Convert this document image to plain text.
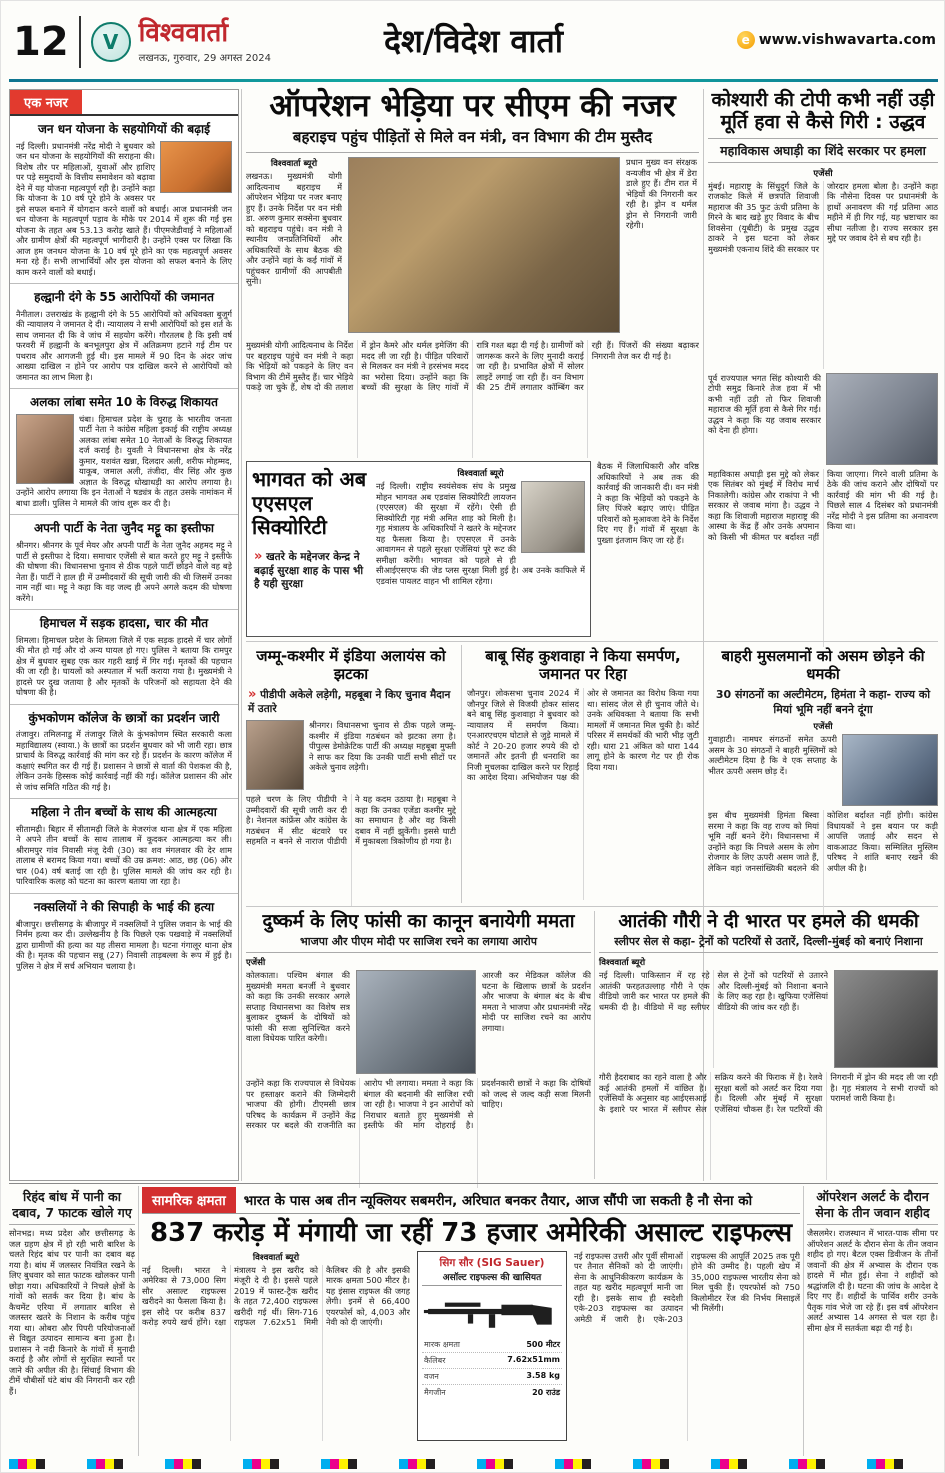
12	V विश्ववार्ता
लखनऊ, गुरुवार, 29 अगस्त 2024	देश/विदेश वार्ता	e www.vishwavarta.com
एक नजर
जन धन योजना के सहयोगियों की बढ़ाई
नई दिल्ली। प्रधानमंत्री नरेंद्र मोदी ने बुधवार को जन धन योजना के सहयोगियों की सराहना की। विशेष तौर पर महिलाओं, युवाओं और हाशिए पर पड़े समुदायों के वित्तीय समावेशन को बढ़ावा देने में यह योजना महत्वपूर्ण रही है। उन्होंने कहा कि योजना के 10 वर्ष पूरे होने के अवसर पर इसे सफल बनाने में योगदान करने वालों को बधाई। आज प्रधानमंत्री जन धन योजना के महत्वपूर्ण पड़ाव के मौके पर 2014 में शुरू की गई इस योजना के तहत अब 53.13 करोड़ खाते हैं। पीएमजेडीवाई ने महिलाओं और ग्रामीण क्षेत्रों की महत्वपूर्ण भागीदारी है। उन्होंने एक्स पर लिखा कि आज हम जनधन योजना के 10 वर्ष पूरे होने का एक महत्वपूर्ण अवसर मना रहे हैं। सभी लाभार्थियों और इस योजना को सफल बनाने के लिए काम करने वालों को बधाई।
हल्द्वानी दंगे के 55 आरोपियों की जमानत
नैनीताल। उत्तराखंड के हल्द्वानी दंगे के 55 आरोपियों को अधिवक्ता बुजुर्ग की न्यायालय ने जमानत दे दी। न्यायालय ने सभी आरोपियों को इस शर्त के साथ जमानत दी कि वे जांच में सहयोग करेंगे। गौरतलब है कि इसी वर्ष फरवरी में हल्द्वानी के बनभूलपुरा क्षेत्र में अतिक्रमण हटाने गई टीम पर पथराव और आगजनी हुई थी। इस मामले में 90 दिन के अंदर जांच आख्या दाखिल न होने पर आरोप पत्र दाखिल करने से आरोपियों को जमानत का लाभ मिला है।
अलका लांबा समेत 10 के विरुद्ध शिकायत
चंबा। हिमाचल प्रदेश के चुराह के भारतीय जनता पार्टी नेता ने कांग्रेस महिला इकाई की राष्ट्रीय अध्यक्ष अलका लांबा समेत 10 नेताओं के विरुद्ध शिकायत दर्ज कराई है। युवती ने विधानसभा क्षेत्र के नरेंद्र कुमार, यशवंत खन्ना, दिलदार अली, शरीफ मोहम्मद, याकूब, जमाल अली, तंजीदा, वीर सिंह और कुछ अज्ञात के विरुद्ध धोखाधड़ी का आरोप लगाया है। उन्होंने आरोप लगाया कि इन नेताओं ने षड्यंत्र के तहत उसके नामांकन में बाधा डाली। पुलिस ने मामले की जांच शुरू कर दी है।
अपनी पार्टी के नेता जुनैद मट्टू का इस्तीफा
श्रीनगर। श्रीनगर के पूर्व मेयर और अपनी पार्टी के नेता जुनैद अहमद मट्टू ने पार्टी से इस्तीफा दे दिया। समाचार एजेंसी से बात करते हुए मट्टू ने इस्तीफे की घोषणा की। विधानसभा चुनाव से ठीक पहले पार्टी छोड़ने वाले वह बड़े नेता हैं। पार्टी ने हाल ही में उम्मीदवारों की सूची जारी की थी जिसमें उनका नाम नहीं था। मट्टू ने कहा कि वह जल्द ही अपने अगले कदम की घोषणा करेंगे।
हिमाचल में सड़क हादसा, चार की मौत
शिमला। हिमाचल प्रदेश के शिमला जिले में एक सड़क हादसे में चार लोगों की मौत हो गई और दो अन्य घायल हो गए। पुलिस ने बताया कि रामपुर क्षेत्र में बुधवार सुबह एक कार गहरी खाई में गिर गई। मृतकों की पहचान की जा रही है। घायलों को अस्पताल में भर्ती कराया गया है। मुख्यमंत्री ने हादसे पर दुख जताया है और मृतकों के परिजनों को सहायता देने की घोषणा की है।
कुंभकोणम कॉलेज के छात्रों का प्रदर्शन जारी
तंजावुर। तमिलनाडु में तंजावुर जिले के कुंभकोणम स्थित सरकारी कला महाविद्यालय (स्वाया.) के छात्रों का प्रदर्शन बुधवार को भी जारी रहा। छात्र प्राचार्य के विरुद्ध कार्रवाई की मांग कर रहे हैं। प्रदर्शन के कारण कॉलेज में कक्षाएं स्थगित कर दी गई हैं। प्रशासन ने छात्रों से वार्ता की पेशकश की है, लेकिन उनके हिस्सक कोई कार्रवाई नहीं की गई। कॉलेज प्रशासन की ओर से जांच समिति गठित की गई है।
महिला ने तीन बच्चों के साथ की आत्महत्या
सीतामढ़ी। बिहार में सीतामढ़ी जिले के मेजरगंज थाना क्षेत्र में एक महिला ने अपने तीन बच्चों के साथ तालाब में कूदकर आत्महत्या कर ली। श्रीरामपुर गांव निवासी मंजू देवी (30) का शव मंगलवार की देर शाम तालाब से बरामद किया गया। बच्चों की उम्र क्रमश: आठ, छह (06) और चार (04) वर्ष बताई जा रही है। पुलिस मामले की जांच कर रही है। पारिवारिक कलह को घटना का कारण बताया जा रहा है।
नक्सलियों ने की सिपाही के भाई की हत्या
बीजापुर। छत्तीसगढ़ के बीजापुर में नक्सलियों ने पुलिस जवान के भाई की निर्मम हत्या कर दी। उल्लेखनीय है कि पिछले एक पखवाड़े में नक्सलियों द्वारा ग्रामीणों की हत्या का यह तीसरा मामला है। घटना गंगालूर थाना क्षेत्र की है। मृतक की पहचान सन्नू (27) निवासी ताड़बल्ला के रूप में हुई है। पुलिस ने क्षेत्र में सर्च अभियान चलाया है।
ऑपरेशन भेड़िया पर सीएम की नजर
बहराइच पहुंच पीड़ितों से मिले वन मंत्री, वन विभाग की टीम मुस्तैद
विश्ववार्ता ब्यूरो
लखनऊ। मुख्यमंत्री योगी आदित्यनाथ बहराइच में ऑपरेशन भेड़िया पर नजर बनाए हुए हैं। उनके निर्देश पर वन मंत्री डा. अरुण कुमार सक्सेना बुधवार को बहराइच पहुंचे। वन मंत्री ने स्थानीय जनप्रतिनिधियों और अधिकारियों के साथ बैठक की और उन्होंने वहां के कई गांवों में पहुंचकर ग्रामीणों की आपबीती सुनी।
प्रधान मुख्य वन संरक्षक वन्यजीव भी क्षेत्र में डेरा डाले हुए हैं। टीम रात में भेड़ियों की निगरानी कर रही है। ड्रोन व थर्मल ड्रोन से निगरानी जारी रहेगी।
मुख्यमंत्री योगी आदित्यनाथ के निर्देश पर बहराइच पहुंचे वन मंत्री ने कहा कि भेड़ियों को पकड़ने के लिए वन विभाग की टीमें मुस्तैद हैं। चार भेड़िये पकड़े जा चुके हैं, शेष दो की तलाश में ड्रोन कैमरे और थर्मल इमेजिंग की मदद ली जा रही है। पीड़ित परिवारों से मिलकर वन मंत्री ने हरसंभव मदद का भरोसा दिया। उन्होंने कहा कि बच्चों की सुरक्षा के लिए गांवों में रात्रि गश्त बढ़ा दी गई है। ग्रामीणों को जागरूक करने के लिए मुनादी कराई जा रही है। प्रभावित क्षेत्रों में सोलर लाइटें लगाई जा रही हैं। वन विभाग की 25 टीमें लगातार कॉम्बिंग कर रही हैं। पिंजरों की संख्या बढ़ाकर निगरानी तेज कर दी गई है।
भागवत को अब एएसएल सिक्योरिटी
» खतरे के मद्देनजर केन्द्र ने बढ़ाई सुरक्षा शाह के पास भी है यही सुरक्षा
विश्ववार्ता ब्यूरो
नई दिल्ली। राष्ट्रीय स्वयंसेवक संघ के प्रमुख मोहन भागवत अब एडवांस सिक्योरिटी लायजन (एएसएल) की सुरक्षा में रहेंगे। ऐसी ही सिक्योरिटी गृह मंत्री अमित शाह को मिली है। गृह मंत्रालय के अधिकारियों ने खतरे के मद्देनजर यह फैसला किया है। एएसएल में उनके आवागमन से पहले सुरक्षा एजेंसियां पूरे रूट की समीक्षा करेंगी। भागवत को पहले से ही सीआईएसएफ की जेड प्लस सुरक्षा मिली हुई है। अब उनके काफिले में एडवांस पायलट वाहन भी शामिल रहेगा।
बैठक में जिलाधिकारी और वरिष्ठ अधिकारियों ने अब तक की कार्रवाई की जानकारी दी। वन मंत्री ने कहा कि भेड़ियों को पकड़ने के लिए पिंजरे बढ़ाए जाएं। पीड़ित परिवारों को मुआवजा देने के निर्देश दिए गए हैं। गांवों में सुरक्षा के पुख्ता इंतजाम किए जा रहे हैं।
कोश्यारी की टोपी कभी नहीं उड़ी मूर्ति हवा से कैसे गिरी : उद्धव
महाविकास अघाड़ी का शिंदे सरकार पर हमला
एजेंसी
मुंबई। महाराष्ट्र के सिंधुदुर्ग जिले के राजकोट किले में छत्रपति शिवाजी महाराज की 35 फुट ऊंची प्रतिमा के गिरने के बाद खड़े हुए विवाद के बीच शिवसेना (यूबीटी) के प्रमुख उद्धव ठाकरे ने इस घटना को लेकर मुख्यमंत्री एकनाथ शिंदे की सरकार पर जोरदार हमला बोला है। उन्होंने कहा कि नौसेना दिवस पर प्रधानमंत्री के हाथों अनावरण की गई प्रतिमा आठ महीने में ही गिर गई, यह भ्रष्टाचार का सीधा नतीजा है। राज्य सरकार इस मुद्दे पर जवाब देने से बच रही है।
पूर्व राज्यपाल भगत सिंह कोश्यारी की टोपी समुद्र किनारे तेज हवा में भी कभी नहीं उड़ी तो फिर शिवाजी महाराज की मूर्ति हवा से कैसे गिर गई। उद्धव ने कहा कि यह जवाब सरकार को देना ही होगा।
महाविकास अघाड़ी इस मुद्दे को लेकर एक सितंबर को मुंबई में विरोध मार्च निकालेगी। कांग्रेस और राकांपा ने भी सरकार से जवाब मांगा है। उद्धव ने कहा कि शिवाजी महाराज महाराष्ट्र की आस्था के केंद्र हैं और उनके अपमान को किसी भी कीमत पर बर्दाश्त नहीं किया जाएगा। गिरने वाली प्रतिमा के ठेके की जांच कराने और दोषियों पर कार्रवाई की मांग भी की गई है। पिछले साल 4 दिसंबर को प्रधानमंत्री नरेंद्र मोदी ने इस प्रतिमा का अनावरण किया था।
जम्मू-कश्मीर में इंडिया अलायंस को झटका
» पीडीपी अकेले लड़ेगी, महबूबा ने किए चुनाव मैदान में उतारे
श्रीनगर। विधानसभा चुनाव से ठीक पहले जम्मू-कश्मीर में इंडिया गठबंधन को झटका लगा है। पीपुल्स डेमोक्रेटिक पार्टी की अध्यक्ष महबूबा मुफ्ती ने साफ कर दिया कि उनकी पार्टी सभी सीटों पर अकेले चुनाव लड़ेगी।
पहले चरण के लिए पीडीपी ने उम्मीदवारों की सूची जारी कर दी है। नेशनल कांफ्रेंस और कांग्रेस के गठबंधन में सीट बंटवारे पर सहमति न बनने से नाराज पीडीपी ने यह कदम उठाया है। महबूबा ने कहा कि उनका एजेंडा कश्मीर मुद्दे का समाधान है और वह किसी दबाव में नहीं झुकेंगी। इससे घाटी में मुकाबला त्रिकोणीय हो गया है।
बाबू सिंह कुशवाहा ने किया समर्पण, जमानत पर रिहा
जौनपुर। लोकसभा चुनाव 2024 में जौनपुर जिले से विजयी होकर सांसद बने बाबू सिंह कुशवाहा ने बुधवार को न्यायालय में समर्पण किया। एनआरएचएम घोटाले से जुड़े मामले में कोर्ट ने 20-20 हजार रुपये की दो जमानतें और इतनी ही धनराशि का निजी मुचलका दाखिल करने पर रिहाई का आदेश दिया। अभियोजन पक्ष की ओर से जमानत का विरोध किया गया था। सांसद जेल से ही चुनाव जीते थे। उनके अधिवक्ता ने बताया कि सभी मामलों में जमानत मिल चुकी है। कोर्ट परिसर में समर्थकों की भारी भीड़ जुटी रही। धारा 21 अंकित को धारा 144 लागू होने के कारण गेट पर ही रोक दिया गया।
बाहरी मुसलमानों को असम छोड़ने की धमकी
30 संगठनों का अल्टीमेटम, हिमंता ने कहा- राज्य को मियां भूमि नहीं बनने दूंगा
एजेंसी
गुवाहाटी। नामघर संगठनों समेत ऊपरी असम के 30 संगठनों ने बाहरी मुस्लिमों को अल्टीमेटम दिया है कि वे एक सप्ताह के भीतर ऊपरी असम छोड़ दें।
इस बीच मुख्यमंत्री हिमंता बिस्वा सरमा ने कहा कि वह राज्य को मियां भूमि नहीं बनने देंगे। विधानसभा में उन्होंने कहा कि निचले असम के लोग रोजगार के लिए ऊपरी असम जाते हैं, लेकिन वहां जनसांख्यिकी बदलने की कोशिश बर्दाश्त नहीं होगी। कांग्रेस विधायकों ने इस बयान पर कड़ी आपत्ति जताई और सदन से वाकआउट किया। सम्मिलित मुस्लिम परिषद ने शांति बनाए रखने की अपील की है।
दुष्कर्म के लिए फांसी का कानून बनायेगी ममता
भाजपा और पीएम मोदी पर साजिश रचने का लगाया आरोप
एजेंसी
कोलकाता। पश्चिम बंगाल की मुख्यमंत्री ममता बनर्जी ने बुधवार को कहा कि उनकी सरकार अगले सप्ताह विधानसभा का विशेष सत्र बुलाकर दुष्कर्म के दोषियों को फांसी की सजा सुनिश्चित करने वाला विधेयक पारित करेगी।
आरजी कर मेडिकल कॉलेज की घटना के खिलाफ छात्रों के प्रदर्शन और भाजपा के बंगाल बंद के बीच ममता ने भाजपा और प्रधानमंत्री नरेंद्र मोदी पर साजिश रचने का आरोप लगाया।
उन्होंने कहा कि राज्यपाल से विधेयक पर हस्ताक्षर कराने की जिम्मेदारी भाजपा की होगी। टीएमसी छात्र परिषद के कार्यक्रम में उन्होंने केंद्र सरकार पर बदले की राजनीति का आरोप भी लगाया। ममता ने कहा कि बंगाल की बदनामी की साजिश रची जा रही है। भाजपा ने इन आरोपों को निराधार बताते हुए मुख्यमंत्री से इस्तीफे की मांग दोहराई है। प्रदर्शनकारी छात्रों ने कहा कि दोषियों को जल्द से जल्द कड़ी सजा मिलनी चाहिए।
आतंकी गौरी ने दी भारत पर हमले की धमकी
स्लीपर सेल से कहा- ट्रेनों को पटरियों से उतारें, दिल्ली-मुंबई को बनाएं निशाना
विश्ववार्ता ब्यूरो
नई दिल्ली। पाकिस्तान में रह रहे आतंकी फरहतउल्लाह गौरी ने एक वीडियो जारी कर भारत पर हमले की धमकी दी है। वीडियो में वह स्लीपर सेल से ट्रेनों को पटरियों से उतारने और दिल्ली-मुंबई को निशाना बनाने के लिए कह रहा है। खुफिया एजेंसियां वीडियो की जांच कर रही हैं।
गौरी हैदराबाद का रहने वाला है और कई आतंकी हमलों में वांछित है। एजेंसियों के अनुसार वह आईएसआई के इशारे पर भारत में स्लीपर सेल सक्रिय करने की फिराक में है। रेलवे सुरक्षा बलों को अलर्ट कर दिया गया है। दिल्ली और मुंबई में सुरक्षा एजेंसियां चौकस हैं। रेल पटरियों की निगरानी में ड्रोन की मदद ली जा रही है। गृह मंत्रालय ने सभी राज्यों को परामर्श जारी किया है।
रिहंद बांध में पानी का दबाव, 7 फाटक खोले गए
सोनभद्र। मध्य प्रदेश और छत्तीसगढ़ के जल ग्रहण क्षेत्र में हो रही भारी बारिश के चलते रिहंद बांध पर पानी का दबाव बढ़ गया है। बांध में जलस्तर नियंत्रित रखने के लिए बुधवार को सात फाटक खोलकर पानी छोड़ा गया। अधिकारियों ने निचले क्षेत्रों के गांवों को सतर्क कर दिया है। बांध के कैचमेंट एरिया में लगातार बारिश से जलस्तर खतरे के निशान के करीब पहुंच गया था। ओबरा और पिपरी परियोजनाओं से विद्युत उत्पादन सामान्य बना हुआ है। प्रशासन ने नदी किनारे के गांवों में मुनादी कराई है और लोगों से सुरक्षित स्थानों पर जाने की अपील की है। सिंचाई विभाग की टीमें चौबीसों घंटे बांध की निगरानी कर रही हैं।
सामरिक क्षमता	भारत के पास अब तीन न्यूक्लियर सबमरीन, अरिघात बनकर तैयार, आज सौंपी जा सकती है नौ सेना को
837 करोड़ में मंगायी जा रहीं 73 हजार अमेरिकी असाल्ट राइफल्स
विश्ववार्ता ब्यूरो
नई दिल्ली। भारत ने अमेरिका से 73,000 सिग सौर असाल्ट राइफल्स खरीदने का फैसला किया है। इस सौदे पर करीब 837 करोड़ रुपये खर्च होंगे। रक्षा मंत्रालय ने इस खरीद को मंजूरी दे दी है। इससे पहले 2019 में फास्ट-ट्रैक खरीद के तहत 72,400 राइफल्स खरीदी गई थीं। सिग-716 राइफल 7.62x51 मिमी कैलिबर की है और इसकी मारक क्षमता 500 मीटर है। यह इंसास राइफल की जगह लेगी। इनमें से 66,400 एयरफोर्स को, 4,003 और नेवी को दी जाएंगी।
सिग सौर (SIG Sauer)
असॉल्ट राइफल्स की खासियत
मारक क्षमता	500 मीटर
कैलिबर	7.62x51mm
वजन	3.58 kg
मैगजीन	20 राउंड
नई राइफल्स उत्तरी और पूर्वी सीमाओं पर तैनात सैनिकों को दी जाएंगी। सेना के आधुनिकीकरण कार्यक्रम के तहत यह खरीद महत्वपूर्ण मानी जा रही है। इसके साथ ही स्वदेशी एके-203 राइफल्स का उत्पादन अमेठी में जारी है। एके-203 राइफल्स की आपूर्ति 2025 तक पूरी होने की उम्मीद है। पहली खेप में 35,000 राइफल्स भारतीय सेना को मिल चुकी हैं। एयरफोर्स को 750 किलोमीटर रेंज की निर्भय मिसाइलें भी मिलेंगी।
ऑपरेशन अलर्ट के दौरान सेना के तीन जवान शहीद
जैसलमेर। राजस्थान में भारत-पाक सीमा पर ऑपरेशन अलर्ट के दौरान सेना के तीन जवान शहीद हो गए। बैटल एक्स डिवीजन के तीनों जवानों की क्षेत्र में अभ्यास के दौरान एक हादसे में मौत हुई। सेना ने शहीदों को श्रद्धांजलि दी है। घटना की जांच के आदेश दे दिए गए हैं। शहीदों के पार्थिव शरीर उनके पैतृक गांव भेजे जा रहे हैं। इस वर्ष ऑपरेशन अलर्ट अभ्यास 14 अगस्त से चल रहा है। सीमा क्षेत्र में सतर्कता बढ़ा दी गई है।
